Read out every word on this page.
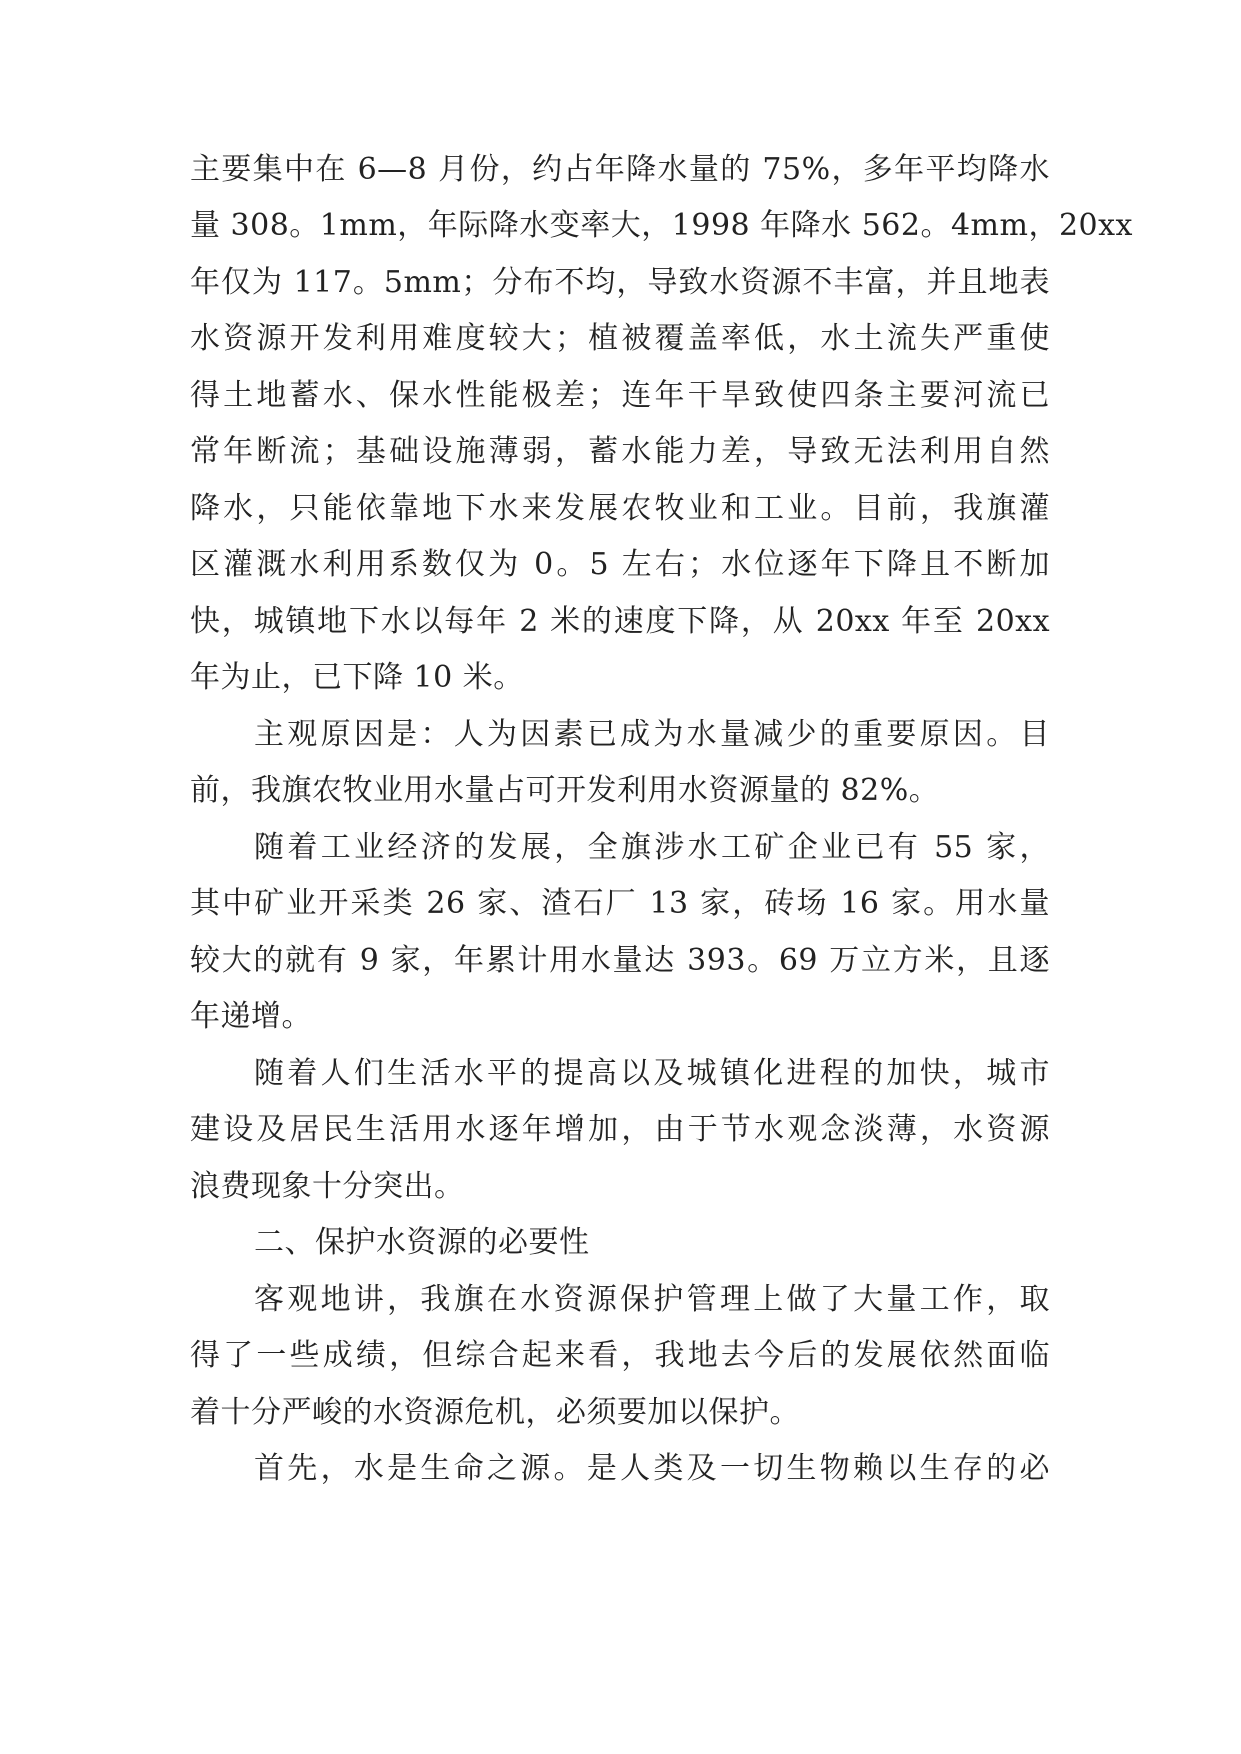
主要集中在 6—8 月份，约占年降水量的 75%，多年平均降水
量 308。1mm，年际降水变率大，1998 年降水 562。4mm，20xx
年仅为 117。5mm；分布不均，导致水资源不丰富，并且地表
水资源开发利用难度较大；植被覆盖率低，水土流失严重使
得土地蓄水、保水性能极差；连年干旱致使四条主要河流已
常年断流；基础设施薄弱，蓄水能力差，导致无法利用自然
降水，只能依靠地下水来发展农牧业和工业。目前，我旗灌
区灌溉水利用系数仅为 0。5 左右；水位逐年下降且不断加
快，城镇地下水以每年 2 米的速度下降，从 20xx 年至 20xx
年为止，已下降 10 米。
主观原因是：人为因素已成为水量减少的重要原因。目
前，我旗农牧业用水量占可开发利用水资源量的 82%。
随着工业经济的发展，全旗涉水工矿企业已有 55 家，
其中矿业开采类 26 家、渣石厂 13 家，砖场 16 家。用水量
较大的就有 9 家，年累计用水量达 393。69 万立方米，且逐
年递增。
随着人们生活水平的提高以及城镇化进程的加快，城市
建设及居民生活用水逐年增加，由于节水观念淡薄，水资源
浪费现象十分突出。
二、保护水资源的必要性
客观地讲，我旗在水资源保护管理上做了大量工作，取
得了一些成绩，但综合起来看，我地去今后的发展依然面临
着十分严峻的水资源危机，必须要加以保护。
首先，水是生命之源。是人类及一切生物赖以生存的必
